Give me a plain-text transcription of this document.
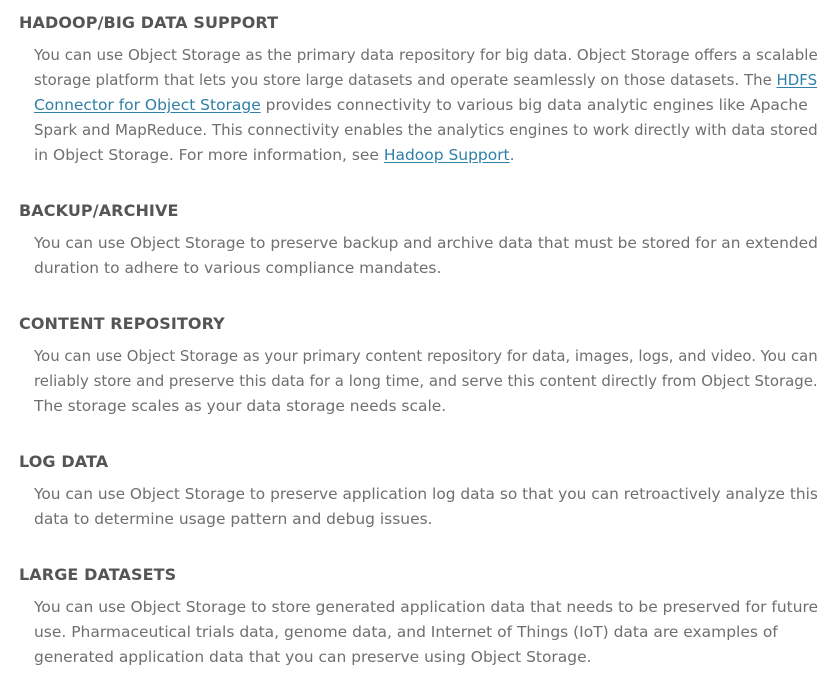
HADOOP/BIG DATA SUPPORT
You can use Object Storage as the primary data repository for big data. Object Storage offers a scalable
storage platform that lets you store large datasets and operate seamlessly on those datasets. The HDFS
Connector for Object Storage provides connectivity to various big data analytic engines like Apache
Spark and MapReduce. This connectivity enables the analytics engines to work directly with data stored
in Object Storage. For more information, see Hadoop Support.
BACKUP/ARCHIVE
You can use Object Storage to preserve backup and archive data that must be stored for an extended
duration to adhere to various compliance mandates.
CONTENT REPOSITORY
You can use Object Storage as your primary content repository for data, images, logs, and video. You can
reliably store and preserve this data for a long time, and serve this content directly from Object Storage.
The storage scales as your data storage needs scale.
LOG DATA
You can use Object Storage to preserve application log data so that you can retroactively analyze this
data to determine usage pattern and debug issues.
LARGE DATASETS
You can use Object Storage to store generated application data that needs to be preserved for future
use. Pharmaceutical trials data, genome data, and Internet of Things (IoT) data are examples of
generated application data that you can preserve using Object Storage.
